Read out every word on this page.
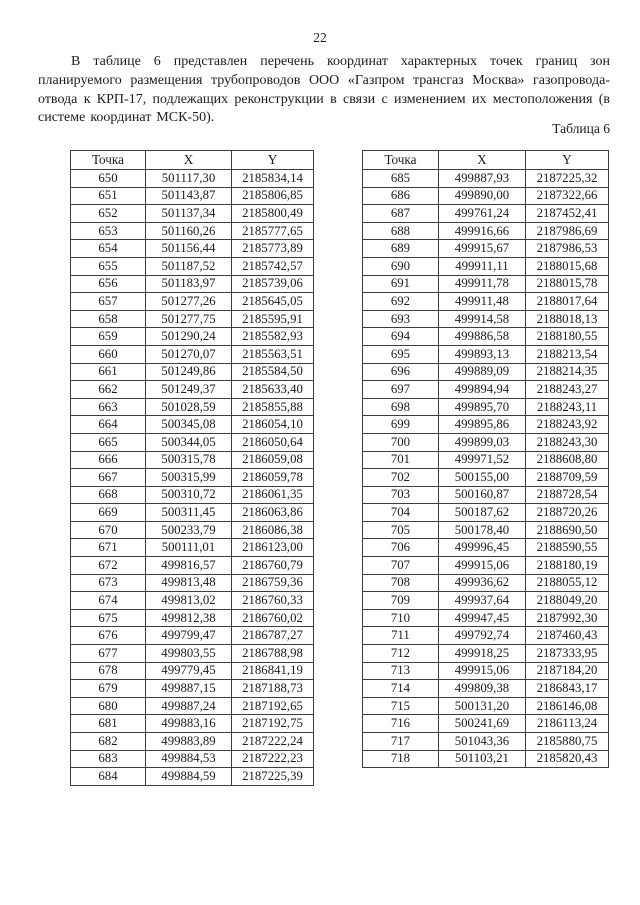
22

В таблице 6 представлен перечень координат характерных точек границ зон планируемого размещения трубопроводов ООО «Газпром трансгаз Москва» газопровода-отвода к КРП-17, подлежащих реконструкции в связи с изменением их местоположения (в системе координат МСК-50).

Таблица 6
Точка	X	Y
650	501117,30	2185834,14
651	501143,87	2185806,85
652	501137,34	2185800,49
653	501160,26	2185777,65
654	501156,44	2185773,89
655	501187,52	2185742,57
656	501183,97	2185739,06
657	501277,26	2185645,05
658	501277,75	2185595,91
659	501290,24	2185582,93
660	501270,07	2185563,51
661	501249,86	2185584,50
662	501249,37	2185633,40
663	501028,59	2185855,88
664	500345,08	2186054,10
665	500344,05	2186050,64
666	500315,78	2186059,08
667	500315,99	2186059,78
668	500310,72	2186061,35
669	500311,45	2186063,86
670	500233,79	2186086,38
671	500111,01	2186123,00
672	499816,57	2186760,79
673	499813,48	2186759,36
674	499813,02	2186760,33
675	499812,38	2186760,02
676	499799,47	2186787,27
677	499803,55	2186788,98
678	499779,45	2186841,19
679	499887,15	2187188,73
680	499887,24	2187192,65
681	499883,16	2187192,75
682	499883,89	2187222,24
683	499884,53	2187222,23
684	499884,59	2187225,39
Точка	X	Y
685	499887,93	2187225,32
686	499890,00	2187322,66
687	499761,24	2187452,41
688	499916,66	2187986,69
689	499915,67	2187986,53
690	499911,11	2188015,68
691	499911,78	2188015,78
692	499911,48	2188017,64
693	499914,58	2188018,13
694	499886,58	2188180,55
695	499893,13	2188213,54
696	499889,09	2188214,35
697	499894,94	2188243,27
698	499895,70	2188243,11
699	499895,86	2188243,92
700	499899,03	2188243,30
701	499971,52	2188608,80
702	500155,00	2188709,59
703	500160,87	2188728,54
704	500187,62	2188720,26
705	500178,40	2188690,50
706	499996,45	2188590,55
707	499915,06	2188180,19
708	499936,62	2188055,12
709	499937,64	2188049,20
710	499947,45	2187992,30
711	499792,74	2187460,43
712	499918,25	2187333,95
713	499915,06	2187184,20
714	499809,38	2186843,17
715	500131,20	2186146,08
716	500241,69	2186113,24
717	501043,36	2185880,75
718	501103,21	2185820,43
